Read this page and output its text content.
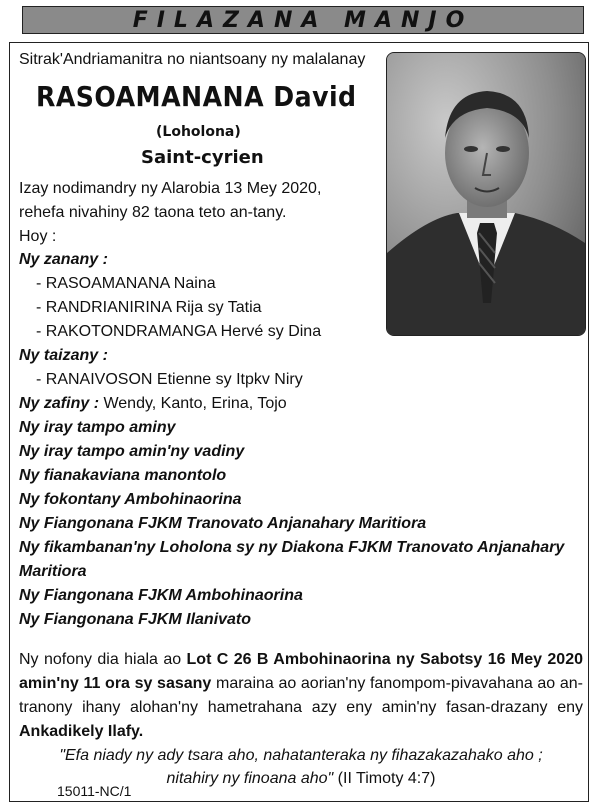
FILAZANA MANJO
Sitrak'Andriamanitra no niantsoany ny malalanay
RASOAMANANA David
(Loholona)
Saint-cyrien
Izay nodimandry ny Alarobia 13 Mey 2020,
rehefa nivahiny 82 taona teto an-tany.
Hoy :
Ny zanany :
- RASOAMANANA Naina
- RANDRIANIRINA Rija sy Tatia
- RAKOTONDRAMANGA Hervé sy Dina
Ny taizany :
- RANAIVOSON Etienne sy Itpkv Niry
Ny zafiny : Wendy, Kanto, Erina, Tojo
Ny iray tampo aminy
Ny iray tampo amin'ny vadiny
Ny fianakaviana manontolo
Ny fokontany Ambohinaorina
Ny Fiangonana FJKM Tranovato Anjanahary Maritiora
Ny fikambanan'ny Loholona sy ny Diakona FJKM Tranovato Anjanahary
Maritiora
Ny Fiangonana FJKM Ambohinaorina
Ny Fiangonana FJKM Ilanivato
Ny nofony dia hiala ao Lot C 26 B Ambohinaorina ny Sabotsy 16 Mey 2020 amin'ny 11 ora sy sasany maraina ao aorian'ny fanompom-pivavahana ao an-tranony ihany alohan'ny hametrahana azy eny amin'ny fasan-drazany eny Ankadikely Ilafy.
"Efa niady ny ady tsara aho, nahatanteraka ny fihazakazahako aho ;
nitahiry ny finoana aho" (II Timoty 4:7)
15011-NC/1
